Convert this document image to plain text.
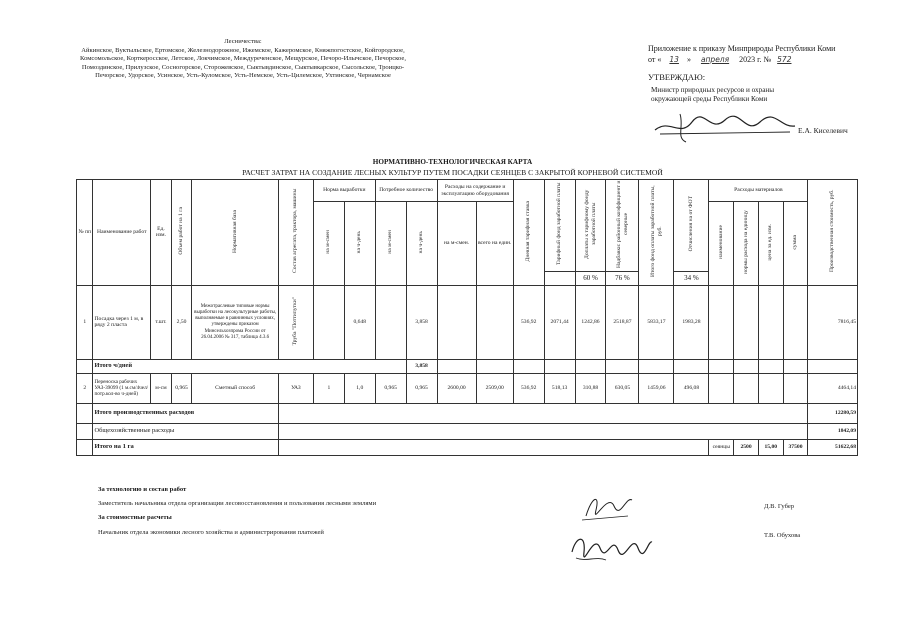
Лесничества:
Айкинское, Вуктыльское, Ертомское, Железнодорожное, Ижемское, Кажеромское, Княжпогостское, Койгородское, Комсомольское, Корткеросское, Летское, Локчимское, Междуреченское, Мещурское, Печоро-Илычское, Печорское, Помоздинское, Прилузское, Сосногорское, Сторожевское, Сыктывдинское, Сыктывкарское, Сысольское, Троицко-Печорское, Удорское, Усинское, Усть-Куломское, Усть-Немское, Усть-Цилемское, Ухтинское, Чернамское
Приложение к приказу Минприроды Республики Коми
от « 13 » апреля 2023 г. № 572
УТВЕРЖДАЮ:
Министр природных ресурсов и охраны окружающей среды Республики Коми
Е.А. Киселевич
НОРМАТИВНО-ТЕХНОЛОГИЧЕСКАЯ КАРТА
РАСЧЕТ ЗАТРАТ НА СОЗДАНИЕ ЛЕСНЫХ КУЛЬТУР ПУТЕМ ПОСАДКИ СЕЯНЦЕВ С ЗАКРЫТОЙ КОРНЕВОЙ СИСТЕМОЙ
№ пп	Наименование работ	Ед. изм.	Объем работ на 1 га	Нормативная база	Состав агрегата, трактора, машины	Норма выработки		Потребное количество		Расходы на содержание и эксплуатацию оборудования		Дневная тарифная ставка	Тарифный фонд заработной платы	Доплаты к тарифному фонду заработной платы	Надбавки: районный коэффициент и северные	Итого фонд оплаты заработной платы, руб.	Отчисления на от ФОТ	Расходы материалов				Производственная стоимость, руб.
						на м-смен	на ч-день	на м-смен	на ч-день	на м-смен.	всего на един.							наименование	нормы расхода на единицу	цена за ед. изм.	сумма	
														60 %	76 %		34 %					
1	Посадка через 1 м, в ряду 2 пласта	т.шт.	2,50	Межотраслевые типовые нормы выработки на лесокультурные работы, выполняемые в равнинных условиях, утверждены приказом Минсельхозпрома России от 26.04.2006 № 317, таблица 4.3.6	Труба "Поттипутки"		0,648		3,858			536,92	2071,44	1242,86	2518,87	5833,17	1983,28					7816,45
	Итого ч/дней								3,858													
2	Переноска рабочих УАЗ-39099 (1 м.см/4чел/потр.кол-во ч-дней)	м-см	0,965	Сметный способ	УАЗ	1	1,0	0,965	0,965	2600,00	2509,00	536,92	518,13	310,88	630,05	1459,06	496,08					4464,14
	Итого производственных расходов																					12280,59
	Общехозяйственные расходы																					1842,09
	Итого на 1 га																	сеянцы	2500	15,00	37500	51622,68
За технологию и состав работ
Заместитель начальника отдела организации лесовосстановления и пользования лесными землями
За стоимостные расчеты
Начальник отдела экономики лесного хозяйства и администрирования платежей
Д.В. Губер
Т.В. Обухова
